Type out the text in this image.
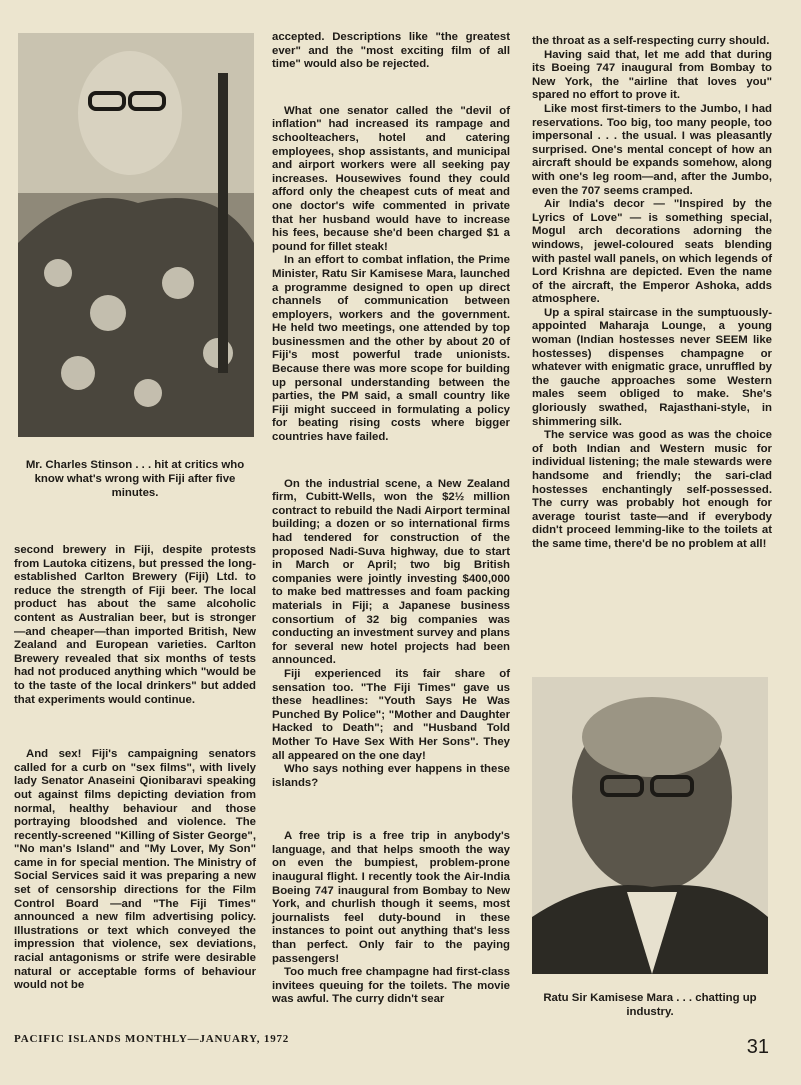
Mr. Charles Stinson . . . hit at critics who know what's wrong with Fiji after five minutes.

second brewery in Fiji, despite protests from Lautoka citizens, but pressed the long-established Carlton Brewery (Fiji) Ltd. to reduce the strength of Fiji beer. The local product has about the same alcoholic content as Australian beer, but is stronger —and cheaper—than imported British, New Zealand and European varieties. Carlton Brewery revealed that six months of tests had not produced anything which "would be to the taste of the local drinkers" but added that experiments would continue.

And sex! Fiji's campaigning senators called for a curb on "sex films", with lively lady Senator Anaseini Qionibaravi speaking out against films depicting deviation from normal, healthy behaviour and those portraying bloodshed and violence. The recently-screened "Killing of Sister George", "No man's Island" and "My Lover, My Son" came in for special mention. The Ministry of Social Services said it was preparing a new set of censorship directions for the Film Control Board —and "The Fiji Times" announced a new film advertising policy. Illustrations or text which conveyed the impression that violence, sex deviations, racial antagonisms or strife were desirable natural or acceptable forms of behaviour would not be

accepted. Descriptions like "the greatest ever" and the "most exciting film of all time" would also be rejected.

What one senator called the "devil of inflation" had increased its rampage and schoolteachers, hotel and catering employees, shop assistants, and municipal and airport workers were all seeking pay increases. Housewives found they could afford only the cheapest cuts of meat and one doctor's wife commented in private that her husband would have to increase his fees, because she'd been charged $1 a pound for fillet steak!

In an effort to combat inflation, the Prime Minister, Ratu Sir Kamisese Mara, launched a programme designed to open up direct channels of communication between employers, workers and the government. He held two meetings, one attended by top businessmen and the other by about 20 of Fiji's most powerful trade unionists. Because there was more scope for building up personal understanding between the parties, the PM said, a small country like Fiji might succeed in formulating a policy for beating rising costs where bigger countries have failed.

On the industrial scene, a New Zealand firm, Cubitt-Wells, won the $2½ million contract to rebuild the Nadi Airport terminal building; a dozen or so international firms had tendered for construction of the proposed Nadi-Suva highway, due to start in March or April; two big British companies were jointly investing $400,000 to make bed mattresses and foam packing materials in Fiji; a Japanese business consortium of 32 big companies was conducting an investment survey and plans for several new hotel projects had been announced.

Fiji experienced its fair share of sensation too. "The Fiji Times" gave us these headlines: "Youth Says He Was Punched By Police"; "Mother and Daughter Hacked to Death"; and "Husband Told Mother To Have Sex With Her Sons". They all appeared on the one day!

Who says nothing ever happens in these islands?

A free trip is a free trip in anybody's language, and that helps smooth the way on even the bumpiest, problem-prone inaugural flight. I recently took the Air-India Boeing 747 inaugural from Bombay to New York, and churlish though it seems, most journalists feel duty-bound in these instances to point out anything that's less than perfect. Only fair to the paying passengers!

Too much free champagne had first-class invitees queuing for the toilets. The movie was awful. The curry didn't sear

the throat as a self-respecting curry should.

Having said that, let me add that during its Boeing 747 inaugural from Bombay to New York, the "airline that loves you" spared no effort to prove it.

Like most first-timers to the Jumbo, I had reservations. Too big, too many people, too impersonal . . . the usual. I was pleasantly surprised. One's mental concept of how an aircraft should be expands somehow, along with one's leg room—and, after the Jumbo, even the 707 seems cramped.

Air India's decor — "Inspired by the Lyrics of Love" — is something special, Mogul arch decorations adorning the windows, jewel-coloured seats blending with pastel wall panels, on which legends of Lord Krishna are depicted. Even the name of the aircraft, the Emperor Ashoka, adds atmosphere.

Up a spiral staircase in the sumptuously-appointed Maharaja Lounge, a young woman (Indian hostesses never SEEM like hostesses) dispenses champagne or whatever with enigmatic grace, unruffled by the gauche approaches some Western males seem obliged to make. She's gloriously swathed, Rajasthani-style, in shimmering silk.

The service was good as was the choice of both Indian and Western music for individual listening; the male stewards were handsome and friendly; the sari-clad hostesses enchantingly self-possessed. The curry was probably hot enough for average tourist taste—and if everybody didn't proceed lemming-like to the toilets at the same time, there'd be no problem at all!

Ratu Sir Kamisese Mara . . . chatting up industry.
PACIFIC ISLANDS MONTHLY—JANUARY, 1972	31
